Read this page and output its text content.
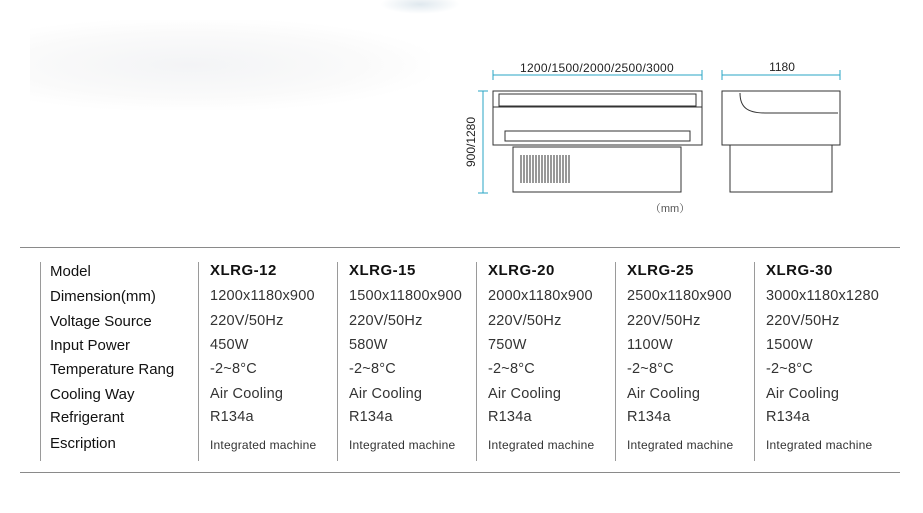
1200/1500/2000/2500/3000	1180
900/1280
（mm）
Model
Dimension(mm)
Voltage Source
Input Power
Temperature Rang
Cooling Way
Refrigerant
Escription
XLRG-12
1200x1180x900
220V/50Hz
450W
-2~8°C
Air Cooling
R134a
Integrated machine
XLRG-15
1500x11800x900
220V/50Hz
580W
-2~8°C
Air Cooling
R134a
Integrated machine
XLRG-20
2000x1180x900
220V/50Hz
750W
-2~8°C
Air Cooling
R134a
Integrated machine
XLRG-25
2500x1180x900
220V/50Hz
1100W
-2~8°C
Air Cooling
R134a
Integrated machine
XLRG-30
3000x1180x1280
220V/50Hz
1500W
-2~8°C
Air Cooling
R134a
Integrated machine
